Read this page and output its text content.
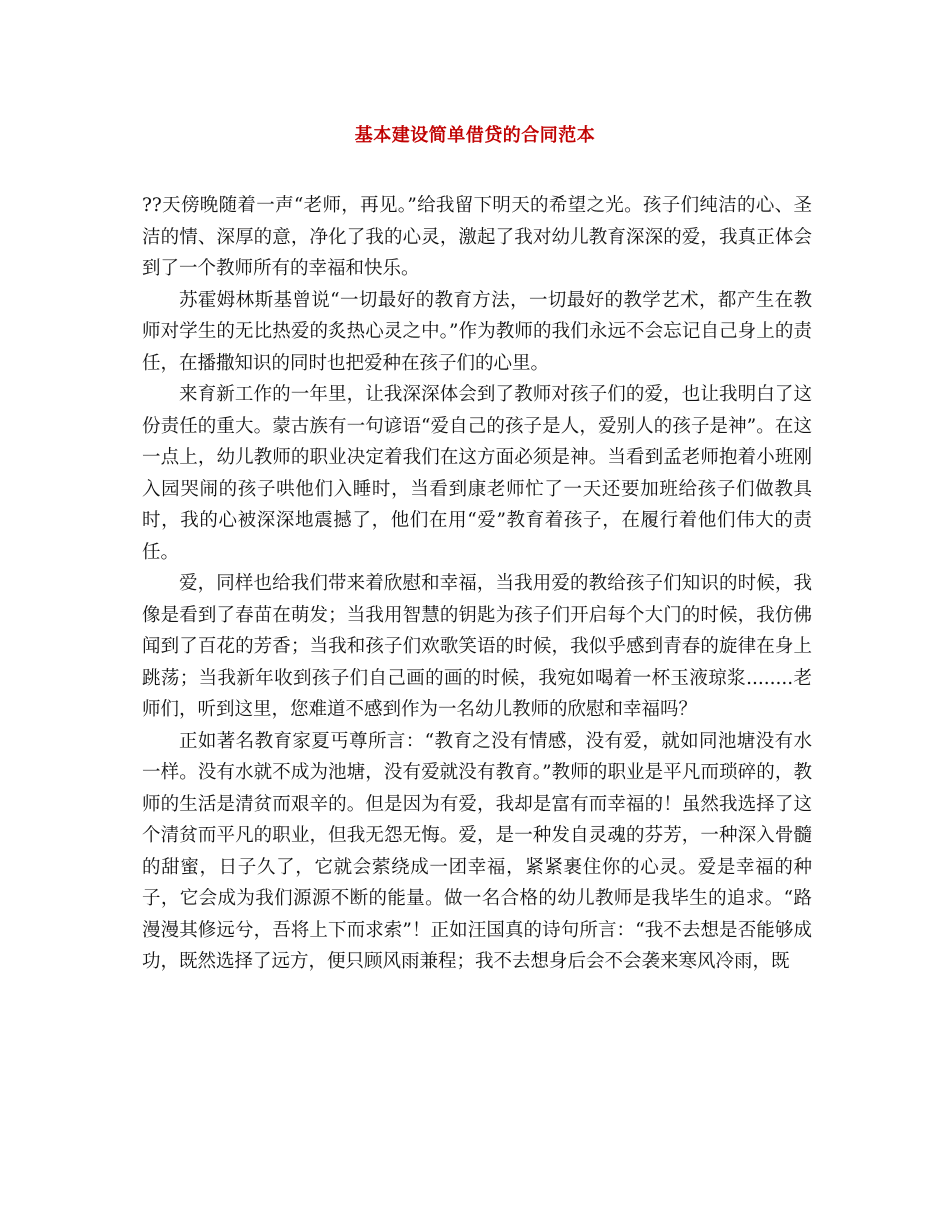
基本建设简单借贷的合同范本

??天傍晚随着一声“老师，再见。”给我留下明天的希望之光。孩子们纯洁的心、圣洁的情、深厚的意，净化了我的心灵，激起了我对幼儿教育深深的爱，我真正体会到了一个教师所有的幸福和快乐。

苏霍姆林斯基曾说“一切最好的教育方法，一切最好的教学艺术，都产生在教师对学生的无比热爱的炙热心灵之中。”作为教师的我们永远不会忘记自己身上的责任，在播撒知识的同时也把爱种在孩子们的心里。

来育新工作的一年里，让我深深体会到了教师对孩子们的爱，也让我明白了这份责任的重大。蒙古族有一句谚语“爱自己的孩子是人，爱别人的孩子是神”。在这一点上，幼儿教师的职业决定着我们在这方面必须是神。当看到孟老师抱着小班刚入园哭闹的孩子哄他们入睡时，当看到康老师忙了一天还要加班给孩子们做教具时，我的心被深深地震撼了，他们在用“爱”教育着孩子，在履行着他们伟大的责任。

爱，同样也给我们带来着欣慰和幸福，当我用爱的教给孩子们知识的时候，我像是看到了春苗在萌发；当我用智慧的钥匙为孩子们开启每个大门的时候，我仿佛闻到了百花的芳香；当我和孩子们欢歌笑语的时候，我似乎感到青春的旋律在身上跳荡；当我新年收到孩子们自己画的画的时候，我宛如喝着一杯玉液琼浆........老师们，听到这里，您难道不感到作为一名幼儿教师的欣慰和幸福吗？

正如著名教育家夏丐尊所言：“教育之没有情感，没有爱，就如同池塘没有水一样。没有水就不成为池塘，没有爱就没有教育。”教师的职业是平凡而琐碎的，教师的生活是清贫而艰辛的。但是因为有爱，我却是富有而幸福的！虽然我选择了这个清贫而平凡的职业，但我无怨无悔。爱，是一种发自灵魂的芬芳，一种深入骨髓的甜蜜，日子久了，它就会萦绕成一团幸福，紧紧裹住你的心灵。爱是幸福的种子，它会成为我们源源不断的能量。做一名合格的幼儿教师是我毕生的追求。“路漫漫其修远兮，吾将上下而求索”！正如汪国真的诗句所言：“我不去想是否能够成功，既然选择了远方，便只顾风雨兼程；我不去想身后会不会袭来寒风冷雨，既
